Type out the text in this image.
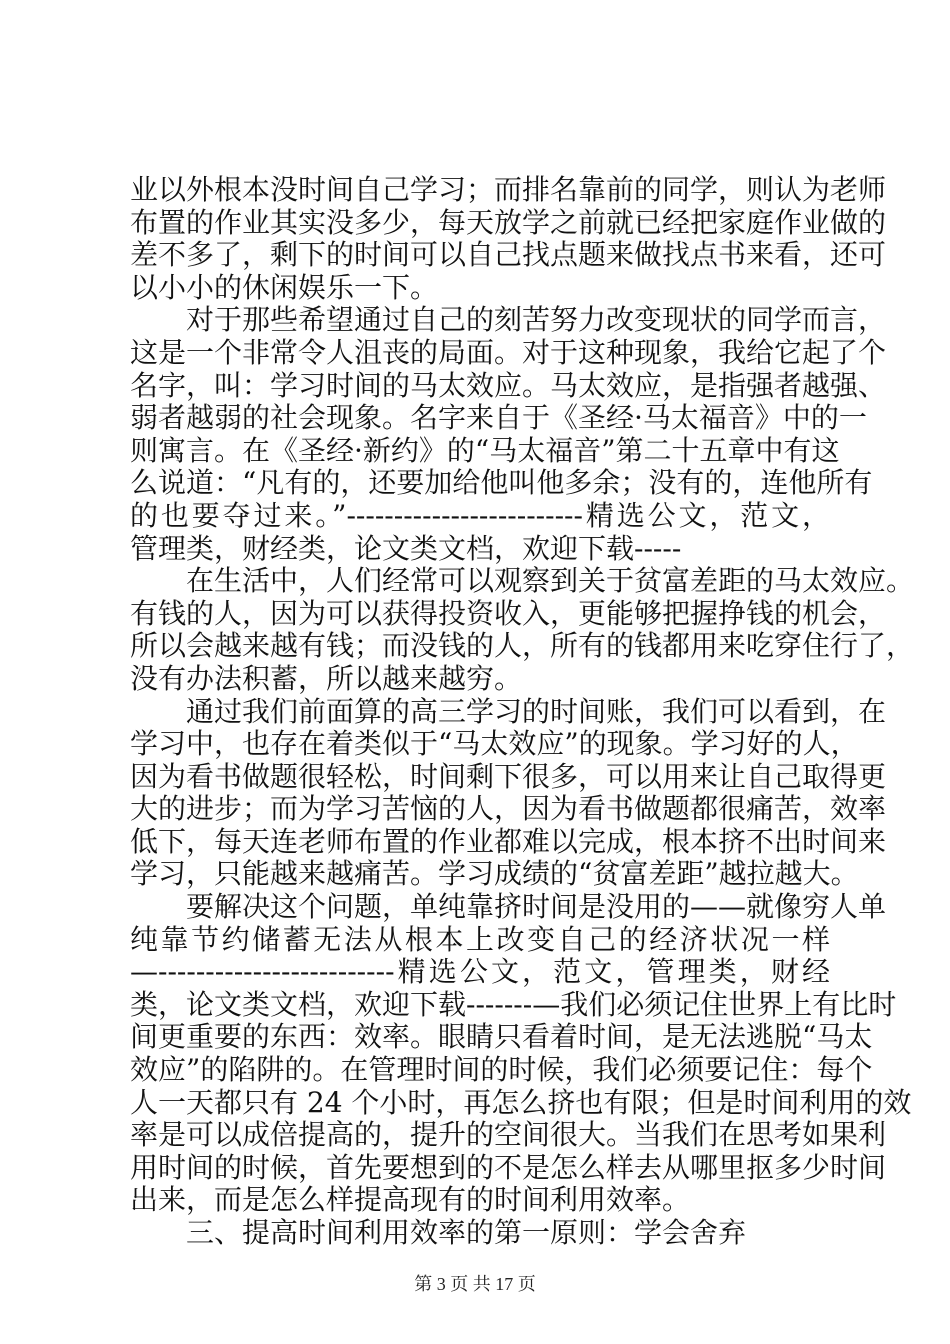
业以外根本没时间自己学习；而排名靠前的同学，则认为老师
布置的作业其实没多少，每天放学之前就已经把家庭作业做的
差不多了，剩下的时间可以自己找点题来做找点书来看，还可
以小小的休闲娱乐一下。
　　对于那些希望通过自己的刻苦努力改变现状的同学而言，
这是一个非常令人沮丧的局面。对于这种现象，我给它起了个
名字，叫：学习时间的马太效应。马太效应，是指强者越强、
弱者越弱的社会现象。名字来自于《圣经·马太福音》中的一
则寓言。在《圣经·新约》的“马太福音”第二十五章中有这
么说道：“凡有的，还要加给他叫他多余；没有的，连他所有
的也要夺过来。”-------------------------精选公文，范文，
管理类，财经类，论文类文档，欢迎下载-----
　　在生活中，人们经常可以观察到关于贫富差距的马太效应。
有钱的人，因为可以获得投资收入，更能够把握挣钱的机会，
所以会越来越有钱；而没钱的人，所有的钱都用来吃穿住行了，
没有办法积蓄，所以越来越穷。
　　通过我们前面算的高三学习的时间账，我们可以看到，在
学习中，也存在着类似于“马太效应”的现象。学习好的人，
因为看书做题很轻松，时间剩下很多，可以用来让自己取得更
大的进步；而为学习苦恼的人，因为看书做题都很痛苦，效率
低下，每天连老师布置的作业都难以完成，根本挤不出时间来
学习，只能越来越痛苦。学习成绩的“贫富差距”越拉越大。
　　要解决这个问题，单纯靠挤时间是没用的——就像穷人单
纯靠节约储蓄无法从根本上改变自己的经济状况一样
—-------------------------精选公文，范文，管理类，财经
类，论文类文档，欢迎下载-------—我们必须记住世界上有比时
间更重要的东西：效率。眼睛只看着时间，是无法逃脱“马太
效应”的陷阱的。在管理时间的时候，我们必须要记住：每个
人一天都只有 24 个小时，再怎么挤也有限；但是时间利用的效
率是可以成倍提高的，提升的空间很大。当我们在思考如果利
用时间的时候，首先要想到的不是怎么样去从哪里抠多少时间
出来，而是怎么样提高现有的时间利用效率。
　　三、提高时间利用效率的第一原则：学会舍弃
第 3 页 共 17 页
